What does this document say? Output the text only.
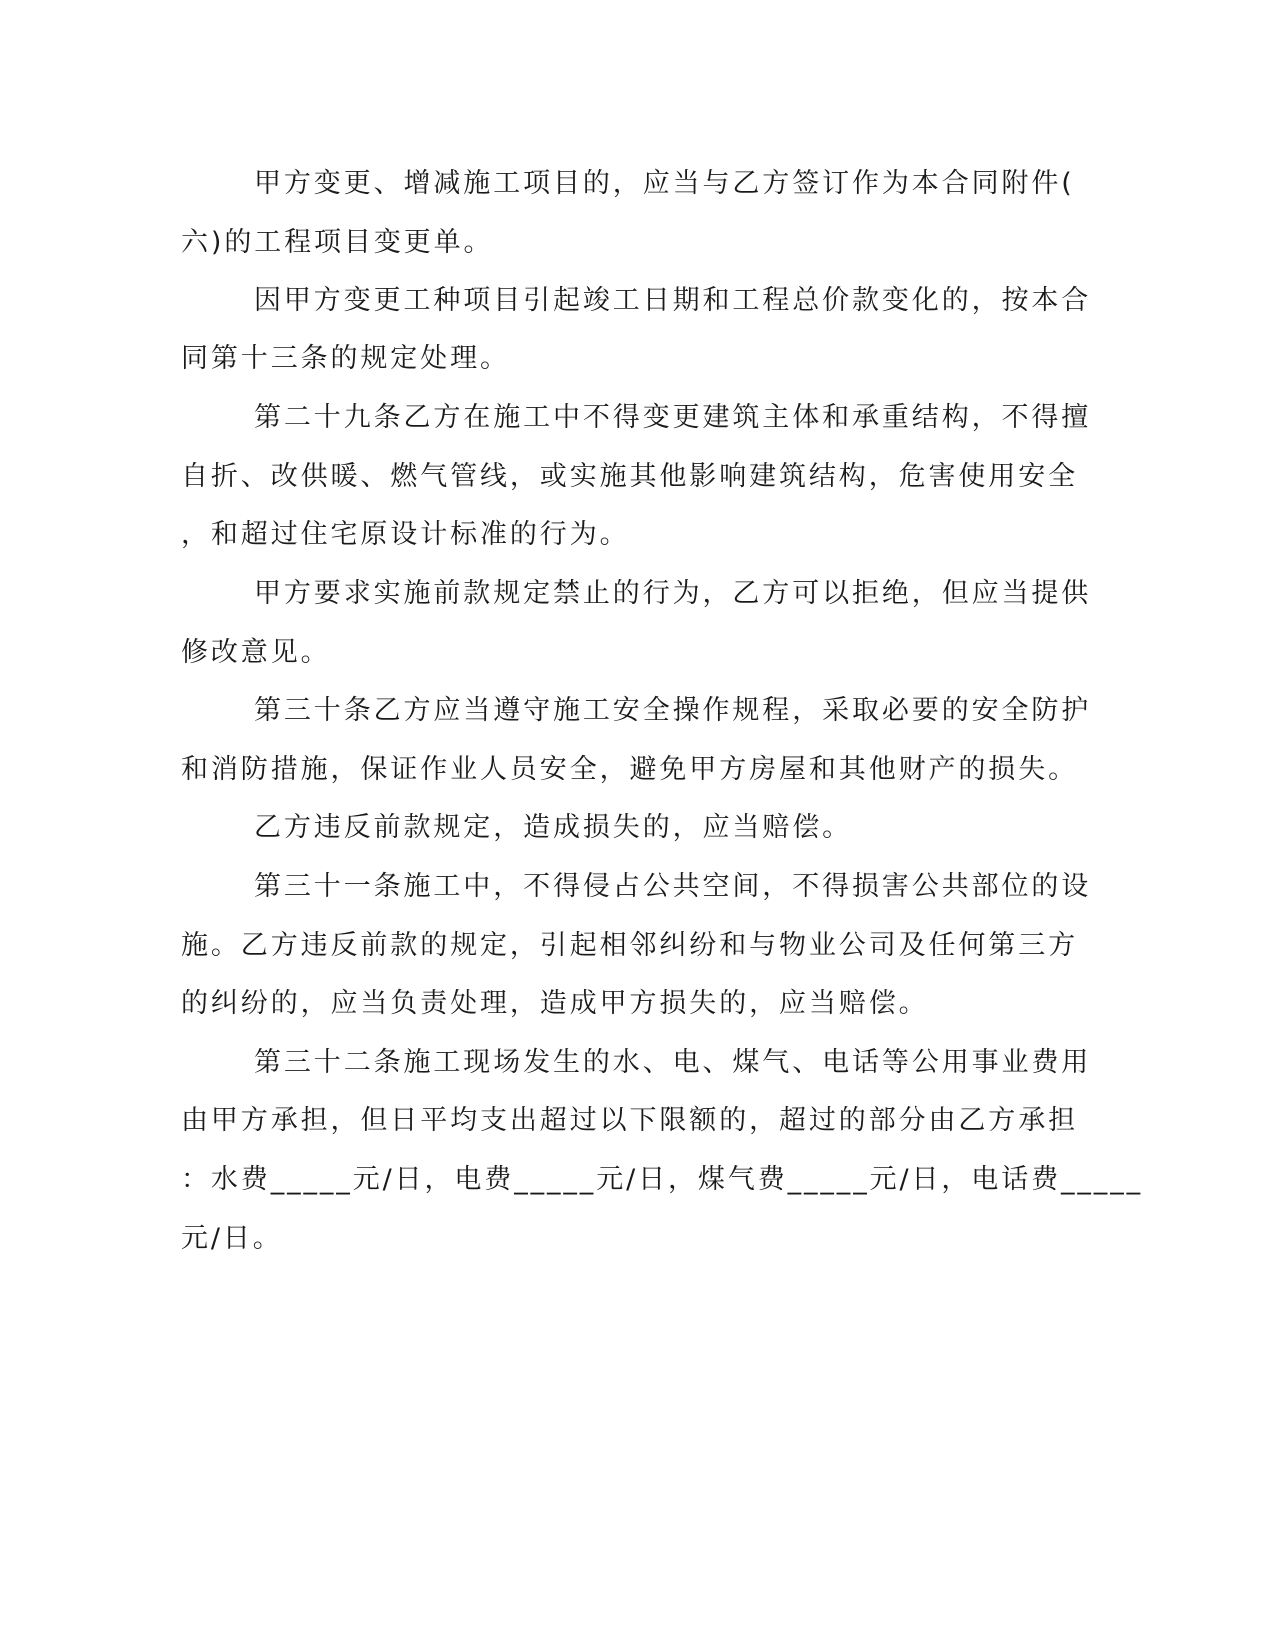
甲方变更、增减施工项目的，应当与乙方签订作为本合同附件(

六)的工程项目变更单。

因甲方变更工种项目引起竣工日期和工程总价款变化的，按本合

同第十三条的规定处理。

第二十九条乙方在施工中不得变更建筑主体和承重结构，不得擅

自折、改供暖、燃气管线，或实施其他影响建筑结构，危害使用安全

，和超过住宅原设计标准的行为。

甲方要求实施前款规定禁止的行为，乙方可以拒绝，但应当提供

修改意见。

第三十条乙方应当遵守施工安全操作规程，采取必要的安全防护

和消防措施，保证作业人员安全，避免甲方房屋和其他财产的损失。

乙方违反前款规定，造成损失的，应当赔偿。

第三十一条施工中，不得侵占公共空间，不得损害公共部位的设

施。乙方违反前款的规定，引起相邻纠纷和与物业公司及任何第三方

的纠纷的，应当负责处理，造成甲方损失的，应当赔偿。

第三十二条施工现场发生的水、电、煤气、电话等公用事业费用

由甲方承担，但日平均支出超过以下限额的，超过的部分由乙方承担

：水费_____元/日，电费_____元/日，煤气费_____元/日，电话费_____

元/日。
